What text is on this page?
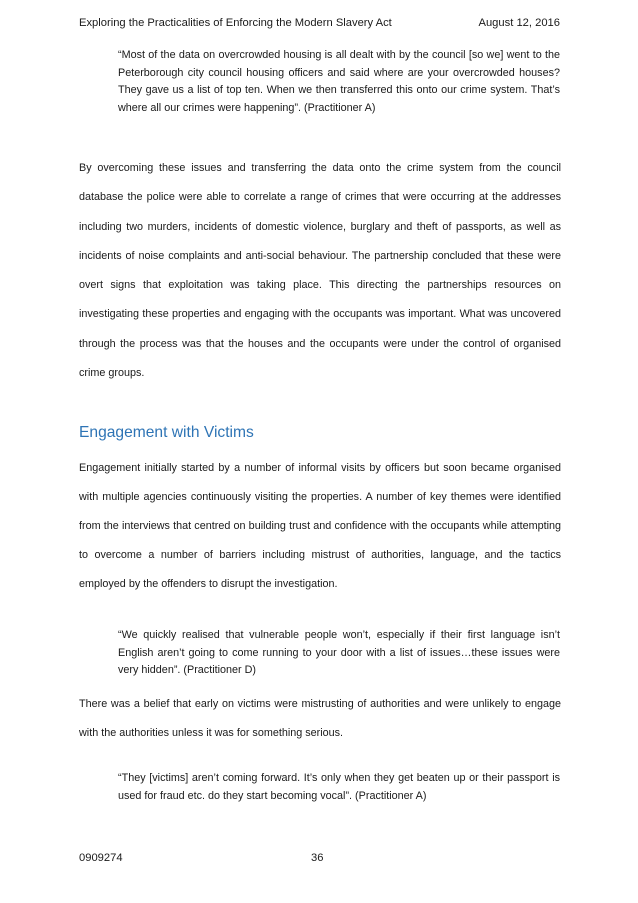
Exploring the Practicalities of Enforcing the Modern Slavery Act	August 12, 2016
“Most of the data on overcrowded housing is all dealt with by the council [so we] went to the Peterborough city council housing officers and said where are your overcrowded houses? They gave us a list of top ten. When we then transferred this onto our crime system. That’s where all our crimes were happening”. (Practitioner A)
By overcoming these issues and transferring the data onto the crime system from the council database the police were able to correlate a range of crimes that were occurring at the addresses including two murders, incidents of domestic violence, burglary and theft of passports, as well as incidents of noise complaints and anti-social behaviour. The partnership concluded that these were overt signs that exploitation was taking place. This directing the partnerships resources on investigating these properties and engaging with the occupants was important. What was uncovered through the process was that the houses and the occupants were under the control of organised crime groups.
Engagement with Victims
Engagement initially started by a number of informal visits by officers but soon became organised with multiple agencies continuously visiting the properties. A number of key themes were identified from the interviews that centred on building trust and confidence with the occupants while attempting to overcome a number of barriers including mistrust of authorities, language, and the tactics employed by the offenders to disrupt the investigation.
“We quickly realised that vulnerable people won’t, especially if their first language isn’t English aren’t going to come running to your door with a list of issues…these issues were very hidden”. (Practitioner D)
There was a belief that early on victims were mistrusting of authorities and were unlikely to engage with the authorities unless it was for something serious.
“They [victims] aren’t coming forward. It’s only when they get beaten up or their passport is used for fraud etc. do they start becoming vocal”. (Practitioner A)
0909274	36
